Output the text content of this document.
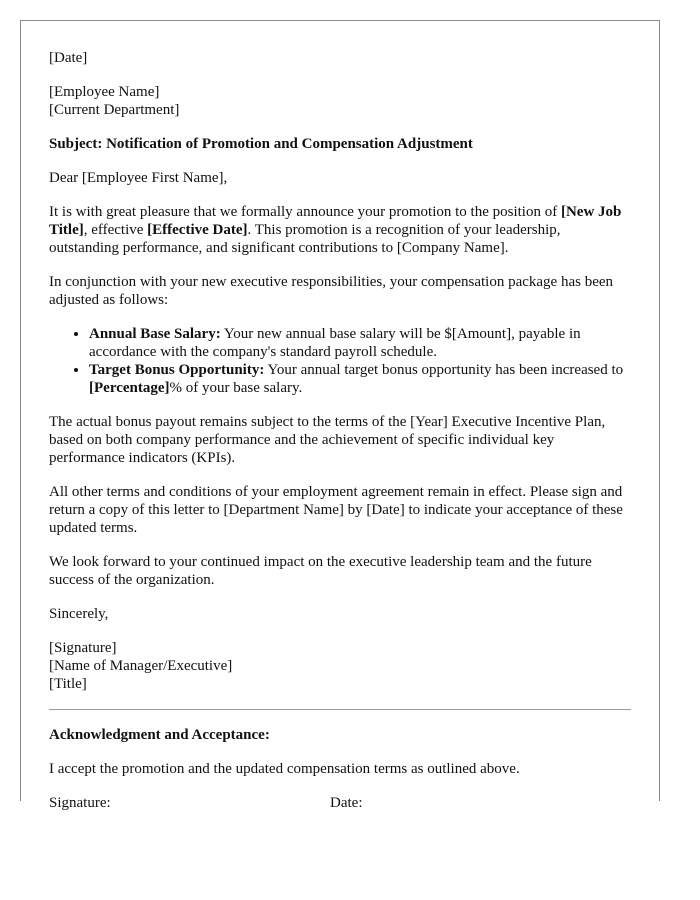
[Date]

[Employee Name]
[Current Department]

Subject: Notification of Promotion and Compensation Adjustment

Dear [Employee First Name],

It is with great pleasure that we formally announce your promotion to the position of [New Job Title], effective [Effective Date]. This promotion is a recognition of your leadership, outstanding performance, and significant contributions to [Company Name].

In conjunction with your new executive responsibilities, your compensation package has been adjusted as follows:

• Annual Base Salary: Your new annual base salary will be $[Amount], payable in accordance with the company's standard payroll schedule.
• Target Bonus Opportunity: Your annual target bonus opportunity has been increased to [Percentage]% of your base salary.

The actual bonus payout remains subject to the terms of the [Year] Executive Incentive Plan, based on both company performance and the achievement of specific individual key performance indicators (KPIs).

All other terms and conditions of your employment agreement remain in effect. Please sign and return a copy of this letter to [Department Name] by [Date] to indicate your acceptance of these updated terms.

We look forward to your continued impact on the executive leadership team and the future success of the organization.

Sincerely,

[Signature]
[Name of Manager/Executive]
[Title]

Acknowledgment and Acceptance:

I accept the promotion and the updated compensation terms as outlined above.

Signature:	Date:
